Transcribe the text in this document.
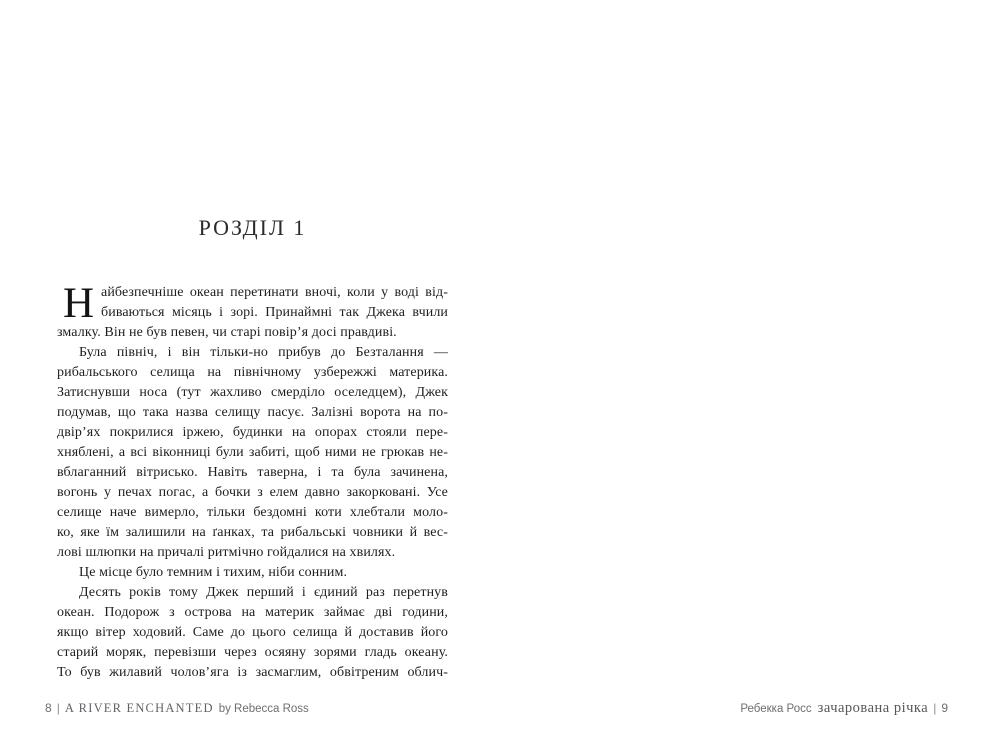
РОЗДІЛ 1
Н айбезпечніше океан перетинати вночі, коли у воді від-
биваються місяць і зорі. Принаймні так Джека вчили
змалку. Він не був певен, чи старі повір’я досі правдиві.
Була північ, і він тільки-но прибув до Безталання —
рибальського селища на північному узбережжі материка.
Затиснувши носа (тут жахливо смерділо оселедцем), Джек
подумав, що така назва селищу пасує. Залізні ворота на по-
двір’ях покрилися іржею, будинки на опорах стояли пере-
хняблені, а всі віконниці були забиті, щоб ними не грюкав не-
вблаганний вітрисько. Навіть таверна, і та була зачинена,
вогонь у печах погас, а бочки з елем давно закорковані. Усе
селище наче вимерло, тільки бездомні коти хлебтали моло-
ко, яке їм залишили на ґанках, та рибальські човники й вес-
лові шлюпки на причалі ритмічно гойдалися на хвилях.
Це місце було темним і тихим, ніби сонним.
Десять років тому Джек перший і єдиний раз перетнув
океан. Подорож з острова на материк займає дві години,
якщо вітер ходовий. Саме до цього селища й доставив його
старий моряк, перевізши через осяяну зорями гладь океану.
То був жилавий чолов’яга із засмаглим, обвітреним облич-
8 | A RIVER ENCHANTED by Rebecca Ross	Ребекка Росс зачарована річка | 9
